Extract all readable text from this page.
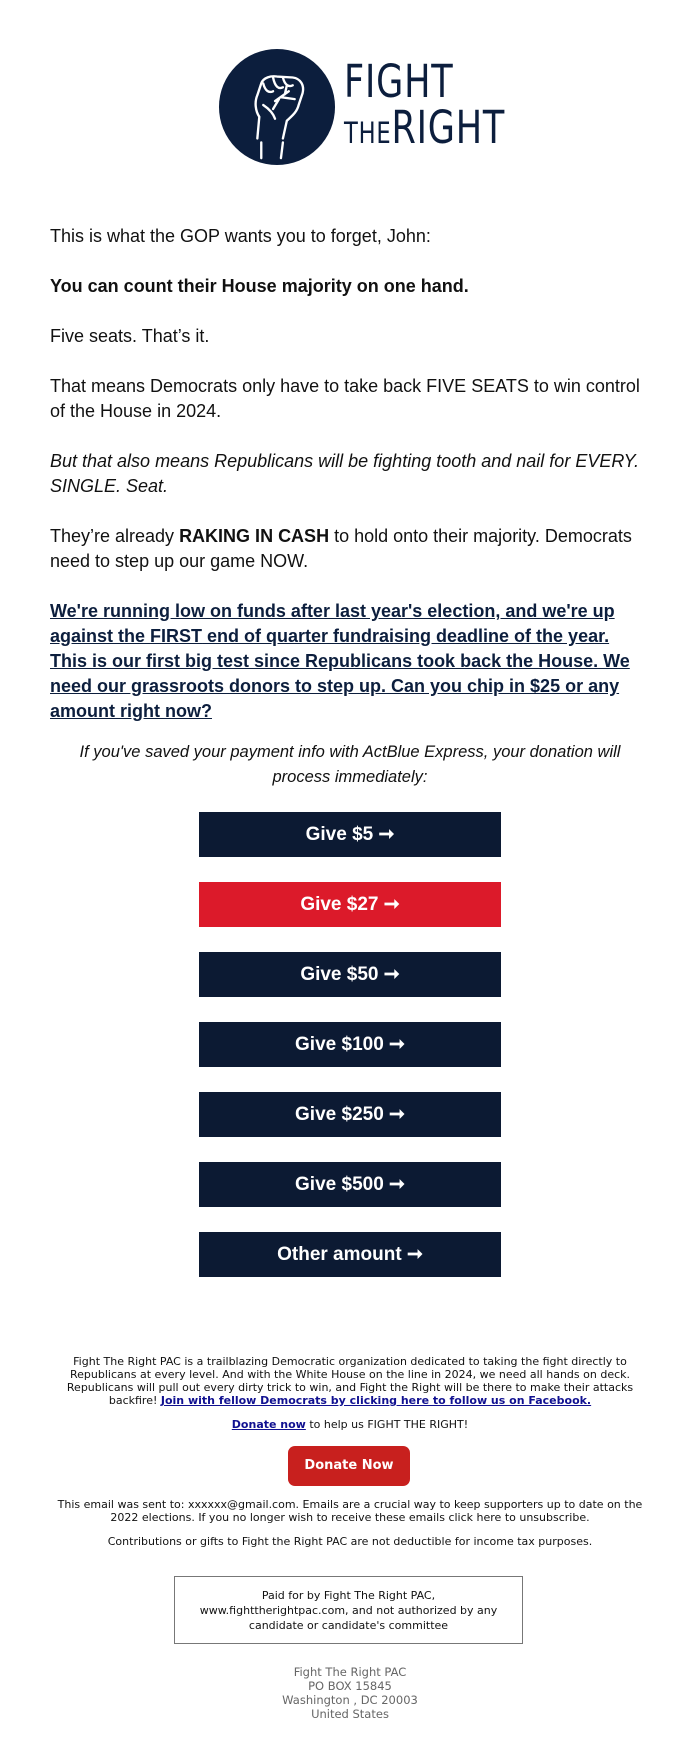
FIGHT
THERIGHT

This is what the GOP wants you to forget, John:

You can count their House majority on one hand.

Five seats. That’s it.

That means Democrats only have to take back FIVE SEATS to win control of the House in 2024.

But that also means Republicans will be fighting tooth and nail for EVERY. SINGLE. Seat.

They’re already RAKING IN CASH to hold onto their majority. Democrats need to step up our game NOW.

We're running low on funds after last year's election, and we're up against the FIRST end of quarter fundraising deadline of the year. This is our first big test since Republicans took back the House. We need our grassroots donors to step up. Can you chip in $25 or any amount right now?

If you've saved your payment info with ActBlue Express, your donation will process immediately:
Give $5 ➞
Give $27 ➞
Give $50 ➞
Give $100 ➞
Give $250 ➞
Give $500 ➞
Other amount ➞
Fight The Right PAC is a trailblazing Democratic organization dedicated to taking the fight directly to Republicans at every level. And with the White House on the line in 2024, we need all hands on deck. Republicans will pull out every dirty trick to win, and Fight the Right will be there to make their attacks backfire! Join with fellow Democrats by clicking here to follow us on Facebook.
Donate now to help us FIGHT THE RIGHT!
Donate Now
This email was sent to: xxxxxx@gmail.com. Emails are a crucial way to keep supporters up to date on the 2022 elections. If you no longer wish to receive these emails click here to unsubscribe.
Contributions or gifts to Fight the Right PAC are not deductible for income tax purposes.
Paid for by Fight The Right PAC, www.fighttherightpac.com, and not authorized by any candidate or candidate's committee
Fight The Right PAC
PO BOX 15845
Washington , DC 20003
United States
